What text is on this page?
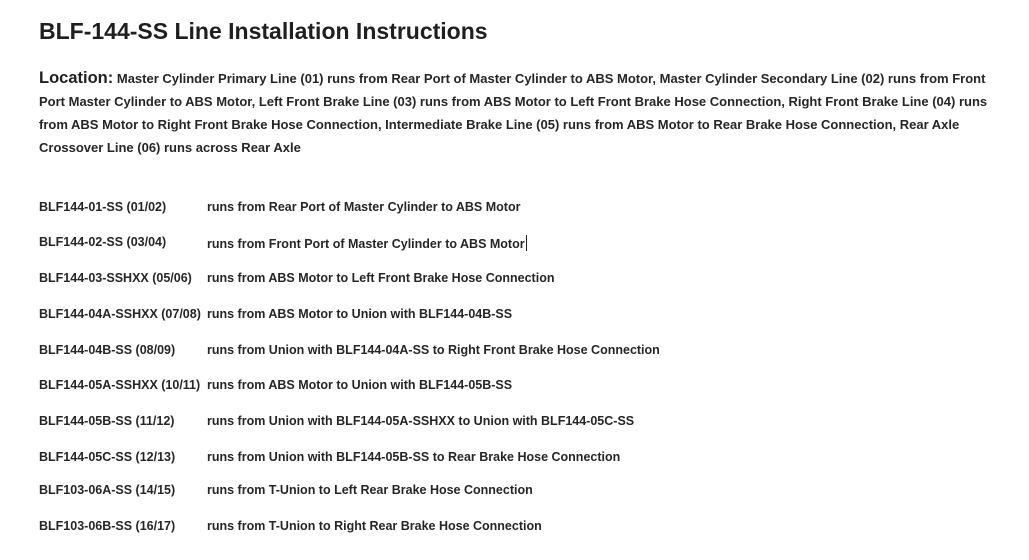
BLF-144-SS Line Installation Instructions
Location: Master Cylinder Primary Line (01) runs from Rear Port of Master Cylinder to ABS Motor, Master Cylinder Secondary Line (02) runs from Front Port Master Cylinder to ABS Motor, Left Front Brake Line (03) runs from ABS Motor to Left Front Brake Hose Connection, Right Front Brake Line (04) runs from ABS Motor to Right Front Brake Hose Connection, Intermediate Brake Line (05) runs from ABS Motor to Rear Brake Hose Connection, Rear Axle Crossover Line (06) runs across Rear Axle
BLF144-01-SS (01/02)	runs from Rear Port of Master Cylinder to ABS Motor
BLF144-02-SS (03/04)	runs from Front Port of Master Cylinder to ABS Motor
BLF144-03-SSHXX (05/06) runs from ABS Motor to Left Front Brake Hose Connection
BLF144-04A-SSHXX (07/08) runs from ABS Motor to Union with BLF144-04B-SS
BLF144-04B-SS (08/09)	runs from Union with BLF144-04A-SS to Right Front Brake Hose Connection
BLF144-05A-SSHXX (10/11) runs from ABS Motor to Union with BLF144-05B-SS
BLF144-05B-SS (11/12)	runs from Union with BLF144-05A-SSHXX to Union with BLF144-05C-SS
BLF144-05C-SS (12/13)	runs from Union with BLF144-05B-SS to Rear Brake Hose Connection
BLF103-06A-SS (14/15)	runs from T-Union to Left Rear Brake Hose Connection
BLF103-06B-SS (16/17)	runs from T-Union to Right Rear Brake Hose Connection
